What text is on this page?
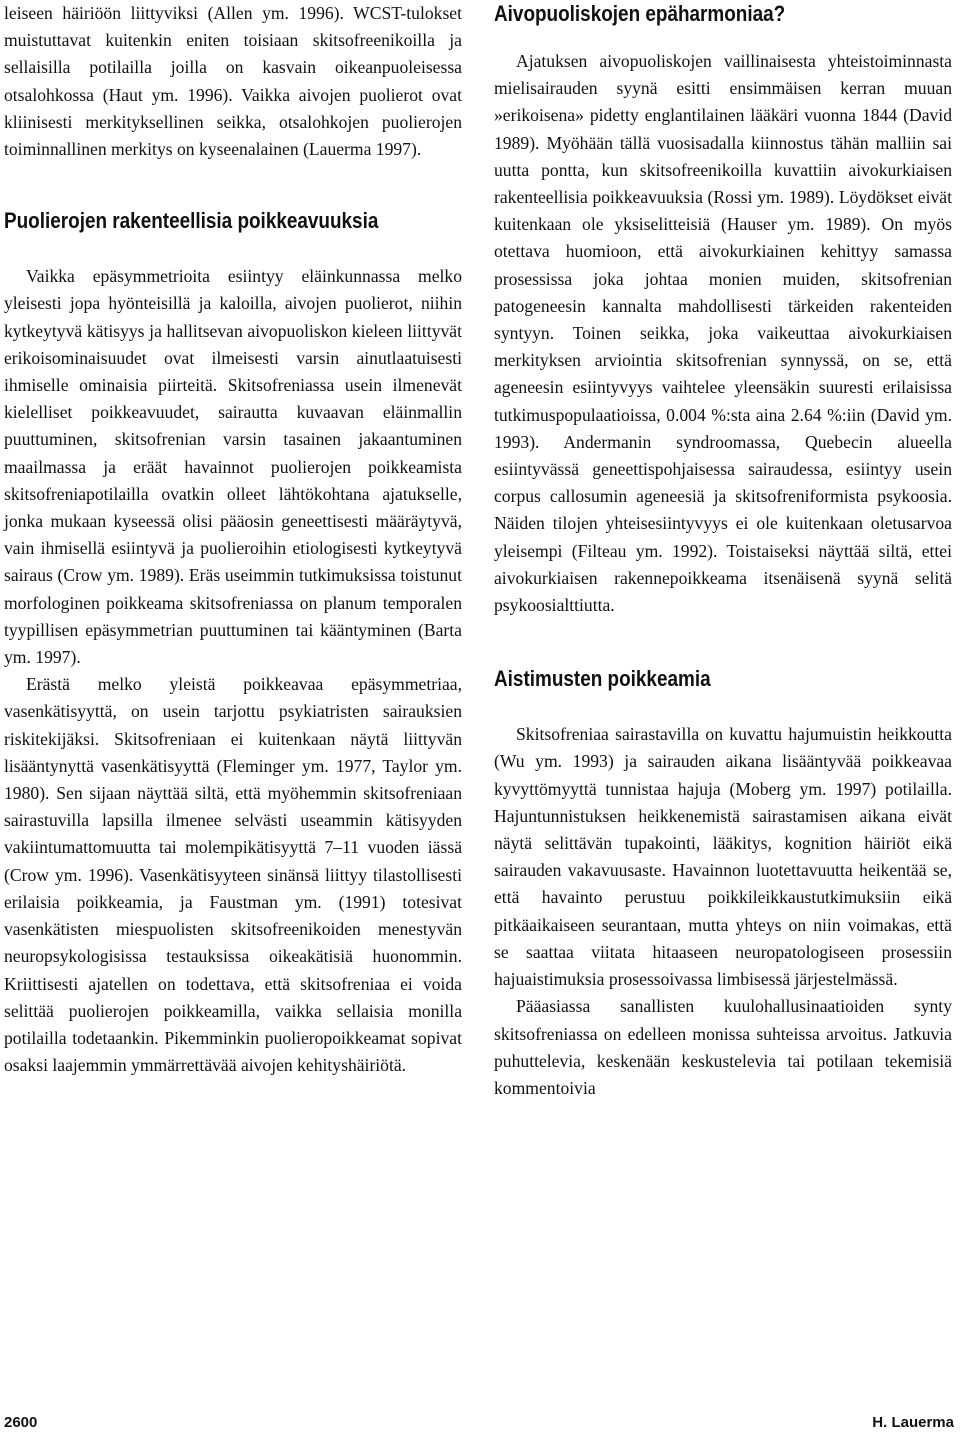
leiseen häiriöön liittyviksi (Allen ym. 1996). WCST-tulokset muistuttavat kuitenkin eniten toisiaan skitsofreenikoilla ja sellaisilla potilailla joilla on kasvain oikeanpuoleisessa otsalohkossa (Haut ym. 1996). Vaikka aivojen puolierot ovat kliinisesti merkityksellinen seikka, otsalohkojen puolierojen toiminnallinen merkitys on kyseenalainen (Lauerma 1997).

Puolierojen rakenteellisia poikkeavuuksia

Vaikka epäsymmetrioita esiintyy eläinkunnassa melko yleisesti jopa hyönteisillä ja kaloilla, aivojen puolierot, niihin kytkeytyvä kätisyys ja hallitsevan aivopuoliskon kieleen liittyvät erikoisominaisuudet ovat ilmeisesti varsin ainutlaatuisesti ihmiselle ominaisia piirteitä. Skitsofreniassa usein ilmenevät kielelliset poikkeavuudet, sairautta kuvaavan eläinmallin puuttuminen, skitsofrenian varsin tasainen jakaantuminen maailmassa ja eräät havainnot puolierojen poikkeamista skitsofreniapotilailla ovatkin olleet lähtökohtana ajatukselle, jonka mukaan kyseessä olisi pääosin geneettisesti määräytyvä, vain ihmisellä esiintyvä ja puolieroihin etiologisesti kytkeytyvä sairaus (Crow ym. 1989). Eräs useimmin tutkimuksissa toistunut morfologinen poikkeama skitsofreniassa on planum temporalen tyypillisen epäsymmetrian puuttuminen tai kääntyminen (Barta ym. 1997).

Erästä melko yleistä poikkeavaa epäsymmetriaa, vasenkätisyyttä, on usein tarjottu psykiatristen sairauksien riskitekijäksi. Skitsofreniaan ei kuitenkaan näytä liittyvän lisääntynyttä vasenkätisyyttä (Fleminger ym. 1977, Taylor ym. 1980). Sen sijaan näyttää siltä, että myöhemmin skitsofreniaan sairastuvilla lapsilla ilmenee selvästi useammin kätisyyden vakiintumattomuutta tai molempikätisyyttä 7–11 vuoden iässä (Crow ym. 1996). Vasenkätisyyteen sinänsä liittyy tilastollisesti erilaisia poikkeamia, ja Faustman ym. (1991) totesivat vasenkätisten miespuolisten skitsofreenikoiden menestyvän neuropsykologisissa testauksissa oikeakätisiä huonommin. Kriittisesti ajatellen on todettava, että skitsofreniaa ei voida selittää puolierojen poikkeamilla, vaikka sellaisia monilla potilailla todetaankin. Pikemminkin puolieropoikkeamat sopivat osaksi laajemmin ymmärrettävää aivojen kehityshäiriötä.

Aivopuoliskojen epäharmoniaa?

Ajatuksen aivopuoliskojen vaillinaisesta yhteistoiminnasta mielisairauden syynä esitti ensimmäisen kerran muuan »erikoisena» pidetty englantilainen lääkäri vuonna 1844 (David 1989). Myöhään tällä vuosisadalla kiinnostus tähän malliin sai uutta pontta, kun skitsofreenikoilla kuvattiin aivokurkiaisen rakenteellisia poikkeavuuksia (Rossi ym. 1989). Löydökset eivät kuitenkaan ole yksiselitteisiä (Hauser ym. 1989). On myös otettava huomioon, että aivokurkiainen kehittyy samassa prosessissa joka johtaa monien muiden, skitsofrenian patogeneesin kannalta mahdollisesti tärkeiden rakenteiden syntyyn. Toinen seikka, joka vaikeuttaa aivokurkiaisen merkityksen arviointia skitsofrenian synnyssä, on se, että ageneesin esiintyvyys vaihtelee yleensäkin suuresti erilaisissa tutkimuspopulaatioissa, 0.004 %:sta aina 2.64 %:iin (David ym. 1993). Andermanin syndroomassa, Quebecin alueella esiintyvässä geneettispohjaisessa sairaudessa, esiintyy usein corpus callosumin ageneesiä ja skitsofreniformista psykoosia. Näiden tilojen yhteisesiintyvyys ei ole kuitenkaan oletusarvoa yleisempi (Filteau ym. 1992). Toistaiseksi näyttää siltä, ettei aivokurkiaisen rakennepoikkeama itsenäisenä syynä selitä psykoosialttiutta.

Aistimusten poikkeamia

Skitsofreniaa sairastavilla on kuvattu hajumuistin heikkoutta (Wu ym. 1993) ja sairauden aikana lisääntyvää poikkeavaa kyvyttömyyttä tunnistaa hajuja (Moberg ym. 1997) potilailla. Hajuntunnistuksen heikkenemistä sairastamisen aikana eivät näytä selittävän tupakointi, lääkitys, kognition häiriöt eikä sairauden vakavuusaste. Havainnon luotettavuutta heikentää se, että havainto perustuu poikkileikkaustutkimuksiin eikä pitkäaikaiseen seurantaan, mutta yhteys on niin voimakas, että se saattaa viitata hitaaseen neuropatologiseen prosessiin hajuaistimuksia prosessoivassa limbisessä järjestelmässä.

Pääasiassa sanallisten kuulohallusinaatioiden synty skitsofreniassa on edelleen monissa suhteissa arvoitus. Jatkuvia puhuttelevia, keskenään keskustelevia tai potilaan tekemisiä kommentoivia

2600	H. Lauerma
